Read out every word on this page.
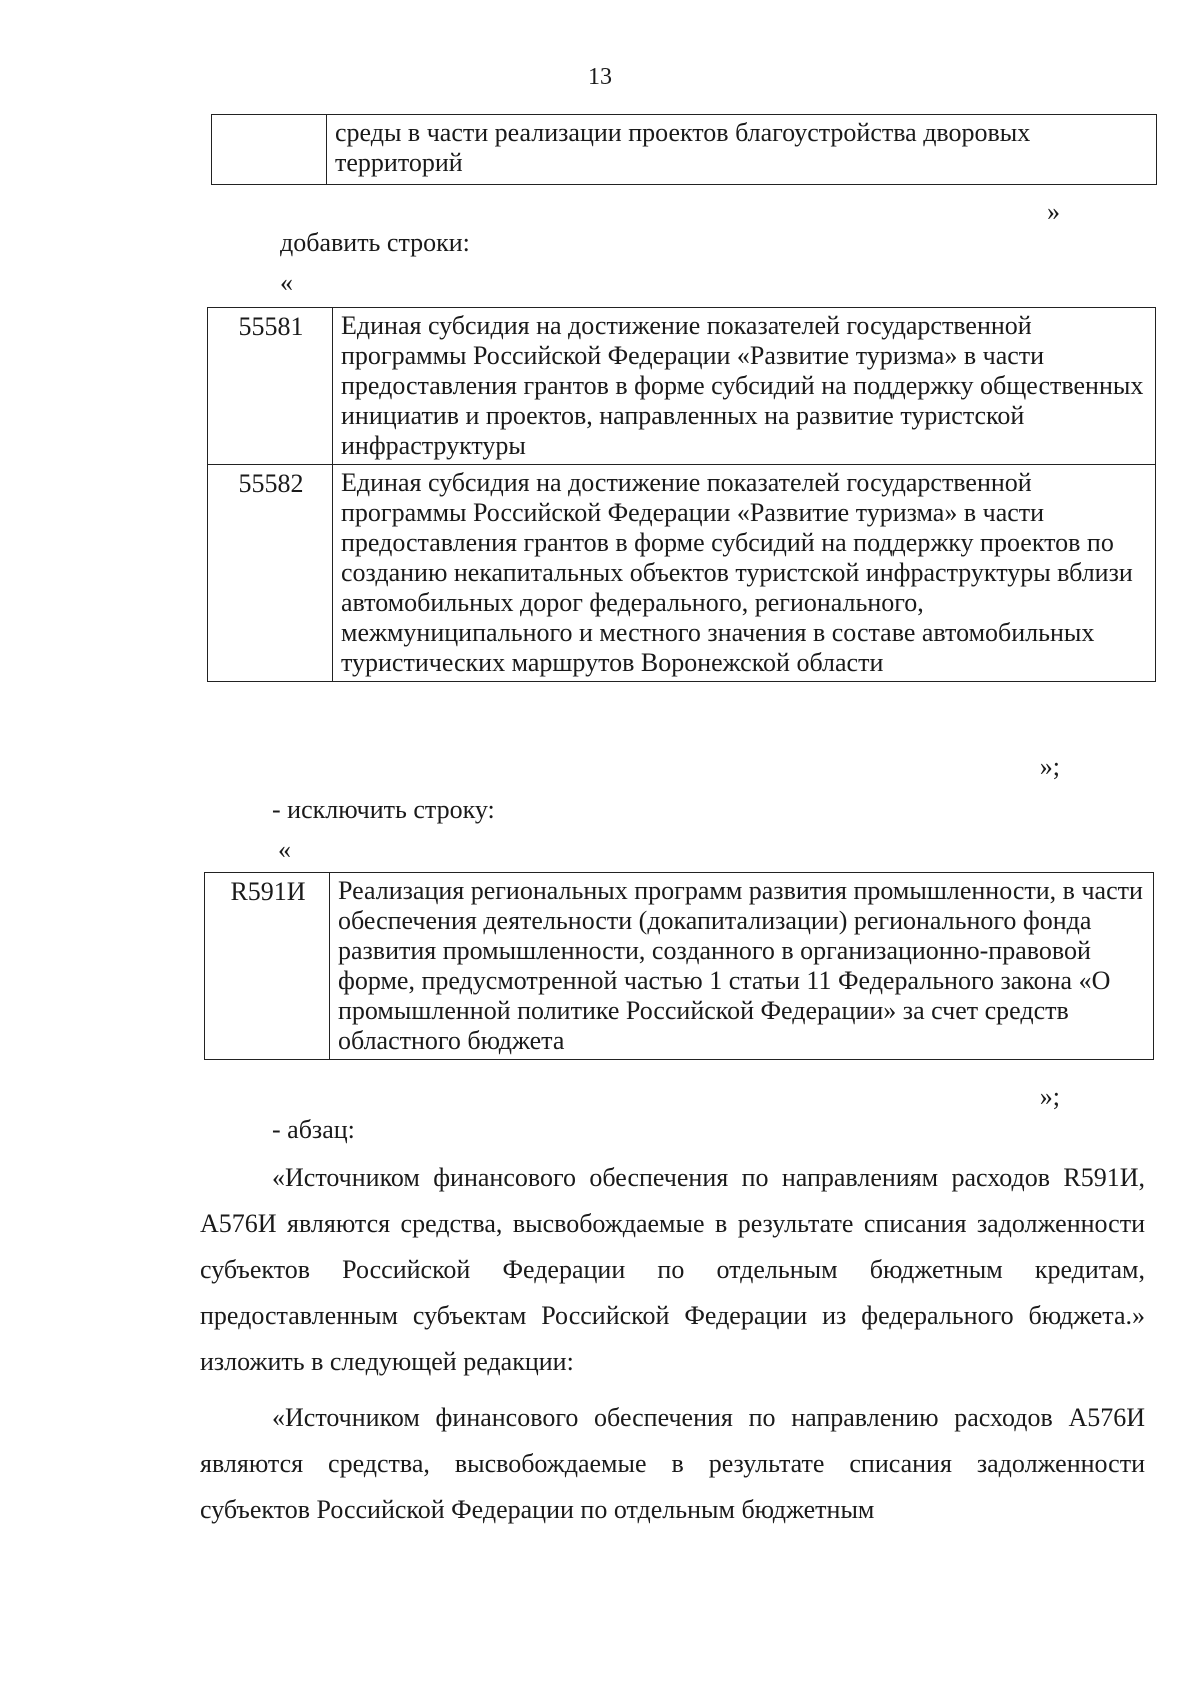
13
	среды в части реализации проектов благоустройства дворовых территорий
»
добавить строки:
«
55581	Единая субсидия на достижение показателей государственной программы Российской Федерации «Развитие туризма» в части предоставления грантов в форме субсидий на поддержку общественных инициатив и проектов, направленных на развитие туристской инфраструктуры
55582	Единая субсидия на достижение показателей государственной программы Российской Федерации «Развитие туризма» в части предоставления грантов в форме субсидий на поддержку проектов по созданию некапитальных объектов туристской инфраструктуры вблизи автомобильных дорог федерального, регионального, межмуниципального и местного значения в составе автомобильных туристических маршрутов Воронежской области
»;
- исключить строку:
«
R591И	Реализация региональных программ развития промышленности, в части обеспечения деятельности (докапитализации) регионального фонда развития промышленности, созданного в организационно-правовой форме, предусмотренной частью 1 статьи 11 Федерального закона «О промышленной политике Российской Федерации» за счет средств областного бюджета
»;
- абзац:

«Источником финансового обеспечения по направлениям расходов R591И, А576И являются средства, высвобождаемые в результате списания задолженности субъектов Российской Федерации по отдельным бюджетным кредитам, предоставленным субъектам Российской Федерации из федерального бюджета.» изложить в следующей редакции:

«Источником финансового обеспечения по направлению расходов А576И являются средства, высвобождаемые в результате списания задолженности субъектов Российской Федерации по отдельным бюджетным
